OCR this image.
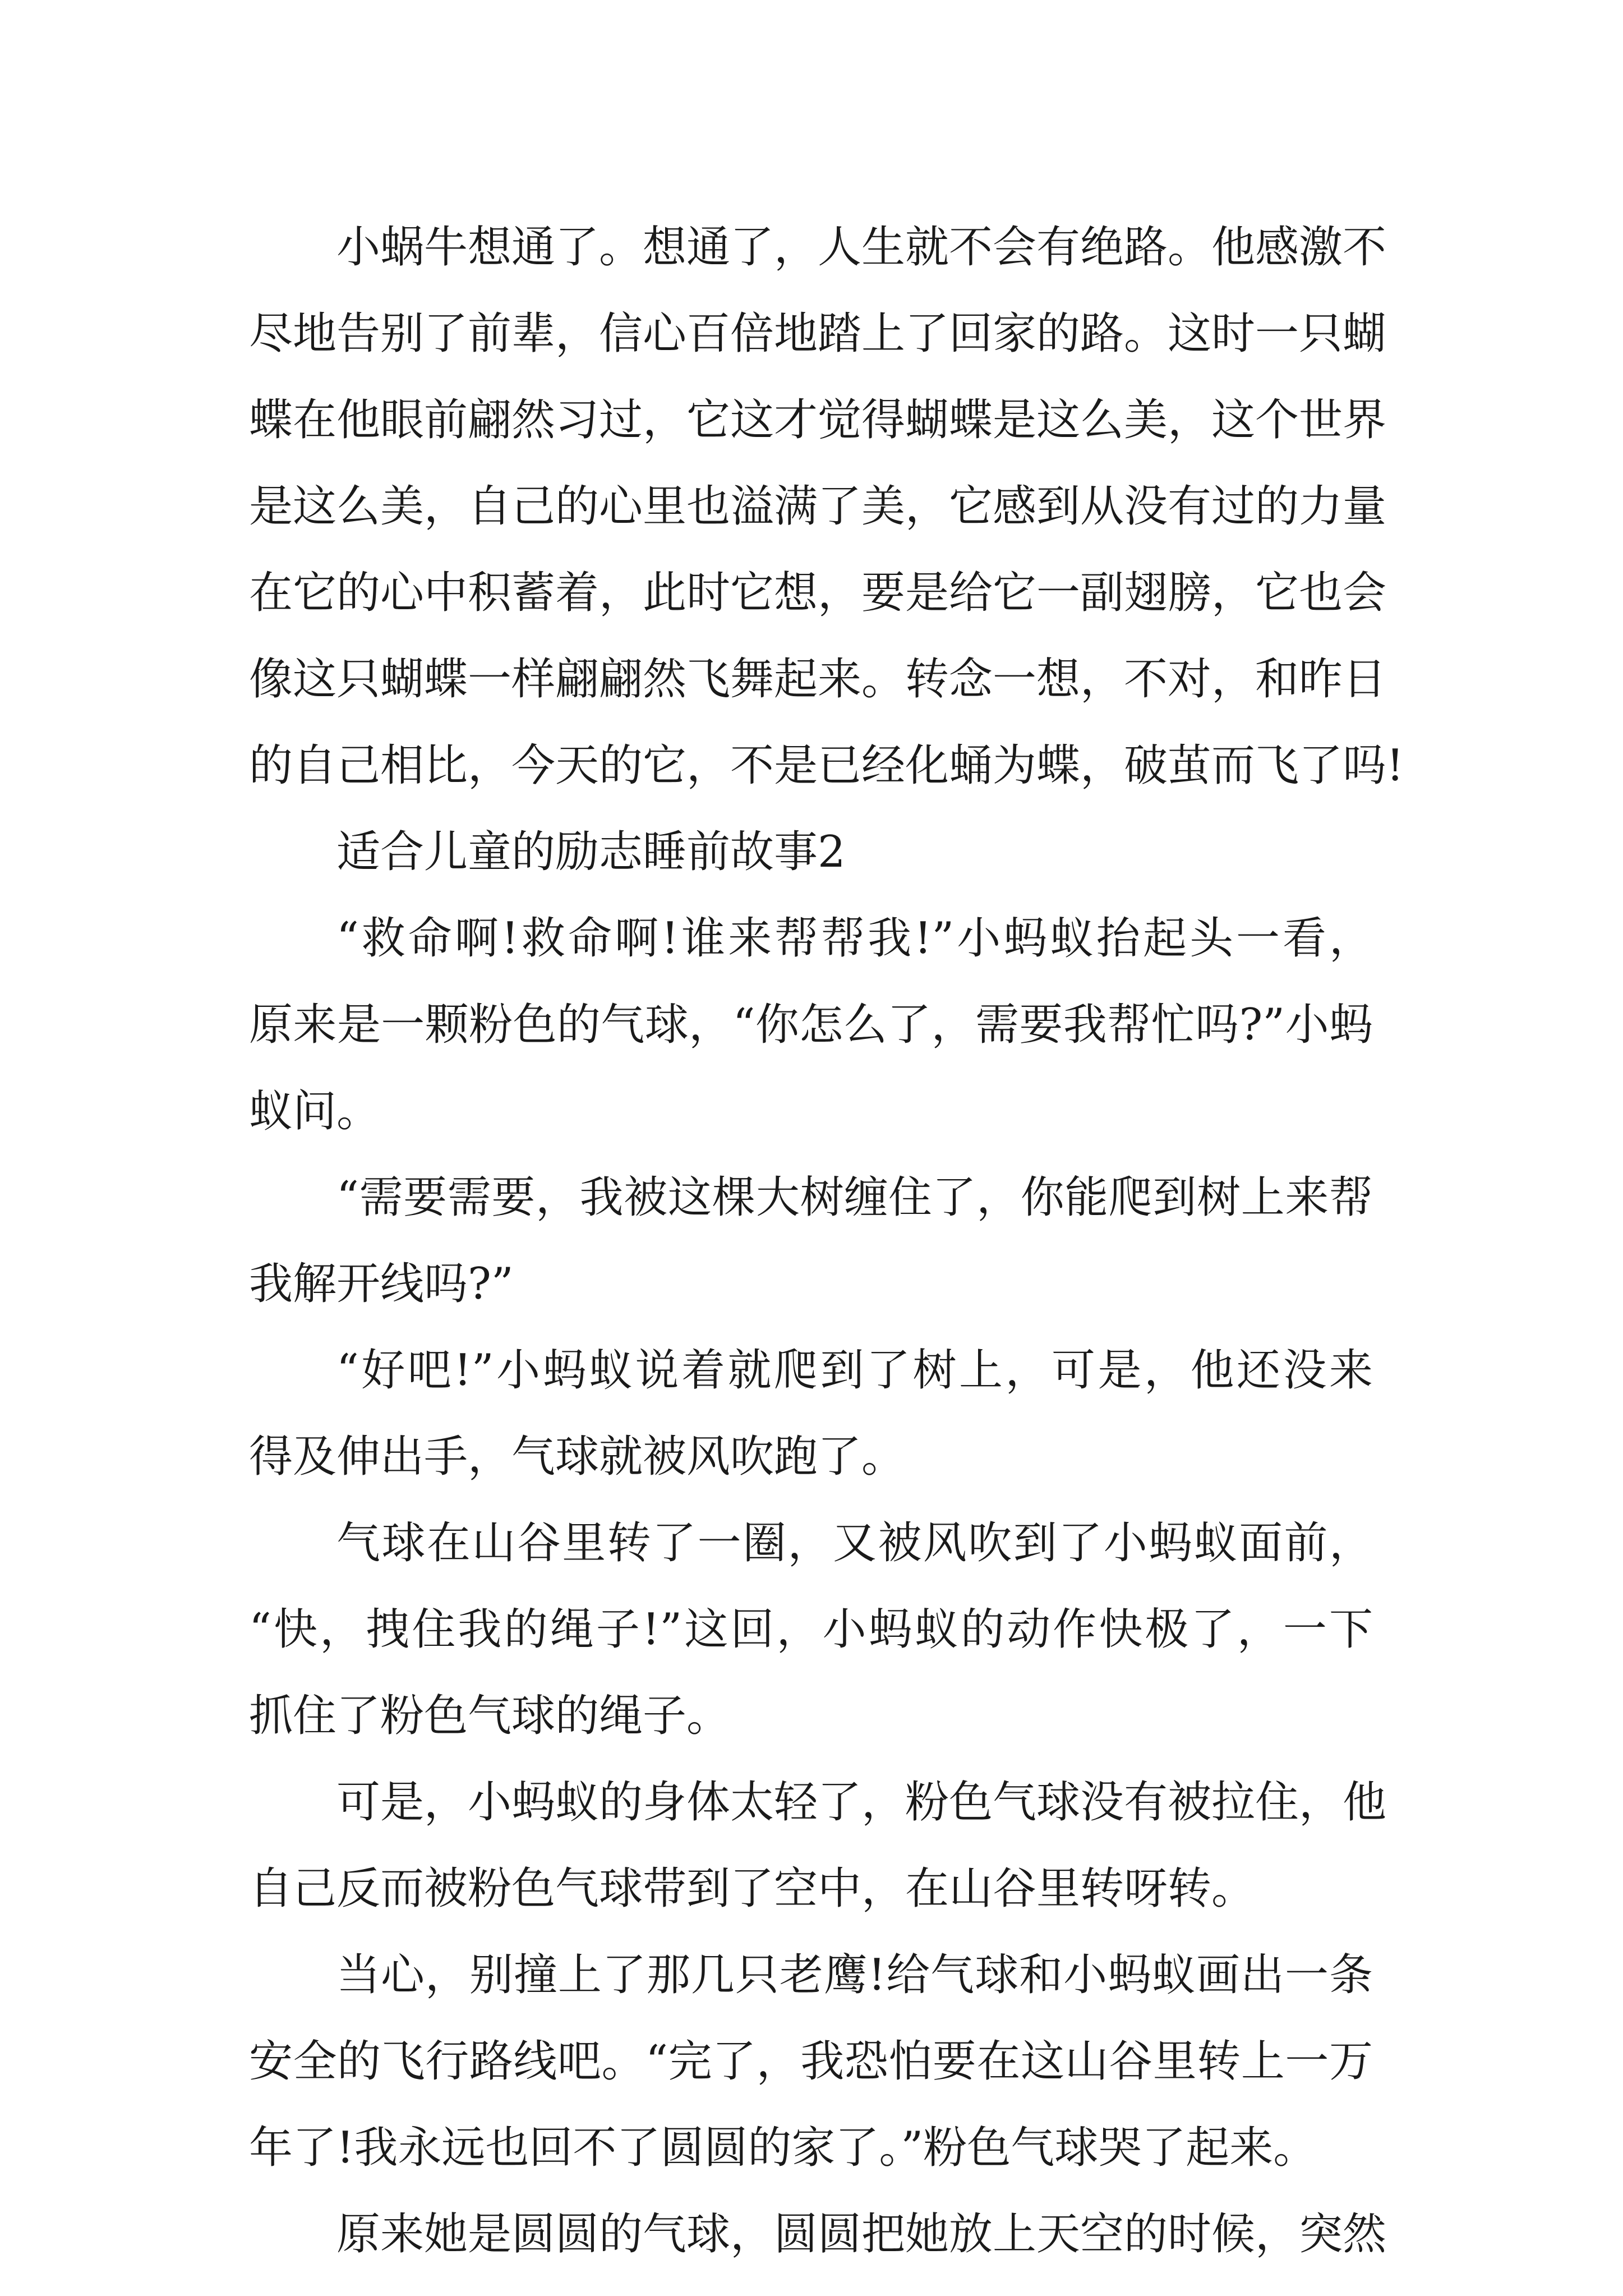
小蜗牛想通了。想通了，人生就不会有绝路。他感激不
尽地告别了前辈，信心百倍地踏上了回家的路。这时一只蝴
蝶在他眼前翩然习过，它这才觉得蝴蝶是这么美，这个世界
是这么美，自己的心里也溢满了美，它感到从没有过的力量
在它的心中积蓄着，此时它想，要是给它一副翅膀，它也会
像这只蝴蝶一样翩翩然飞舞起来。转念一想，不对，和昨日
的自己相比，今天的它，不是已经化蛹为蝶，破茧而飞了吗!
适合儿童的励志睡前故事2
“救命啊!救命啊!谁来帮帮我!”小蚂蚁抬起头一看，
原来是一颗粉色的气球，“你怎么了，需要我帮忙吗?”小蚂
蚁问。
“需要需要，我被这棵大树缠住了，你能爬到树上来帮
我解开线吗?”
“好吧!”小蚂蚁说着就爬到了树上，可是，他还没来
得及伸出手，气球就被风吹跑了。
气球在山谷里转了一圈，又被风吹到了小蚂蚁面前，
“快，拽住我的绳子!”这回，小蚂蚁的动作快极了，一下
抓住了粉色气球的绳子。
可是，小蚂蚁的身体太轻了，粉色气球没有被拉住，他
自己反而被粉色气球带到了空中，在山谷里转呀转。
当心，别撞上了那几只老鹰!给气球和小蚂蚁画出一条
安全的飞行路线吧。“完了，我恐怕要在这山谷里转上一万
年了!我永远也回不了圆圆的家了。”粉色气球哭了起来。
原来她是圆圆的气球，圆圆把她放上天空的时候，突然
